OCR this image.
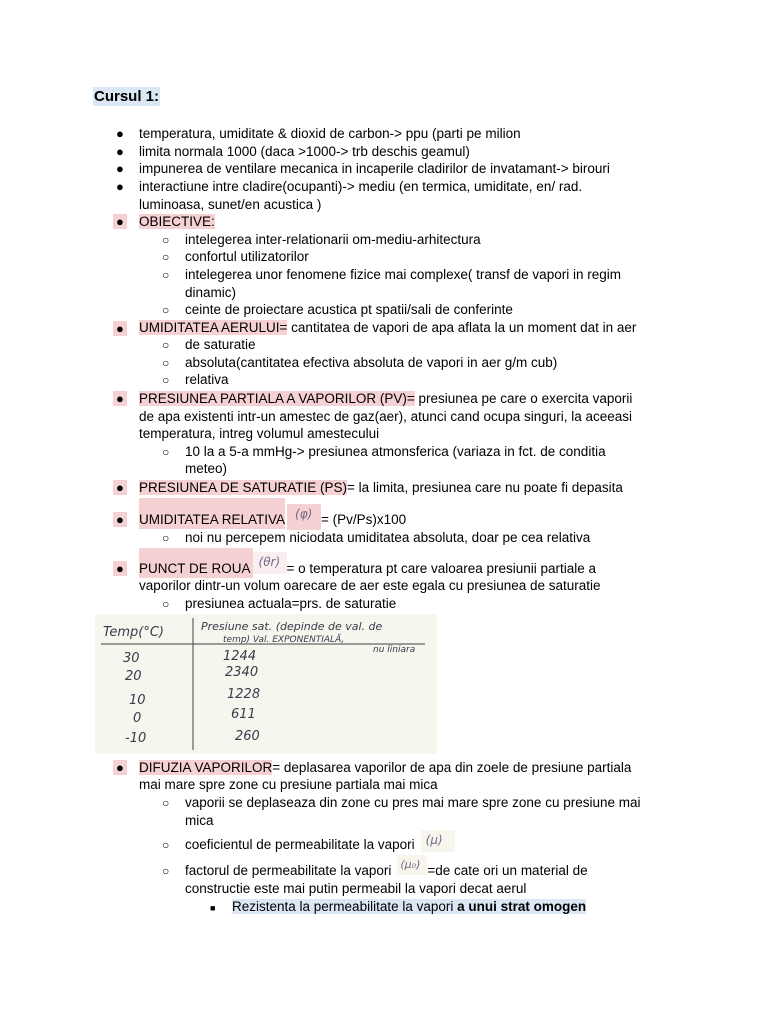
Cursul 1:
● temperatura, umiditate & dioxid de carbon-> ppu (parti pe milion
● limita normala 1000 (daca >1000-> trb deschis geamul)
● impunerea de ventilare mecanica in incaperile cladirilor de invatamant-> birouri
● interactiune intre cladire(ocupanti)-> mediu (en termica, umiditate, en/ rad.
luminoasa, sunet/en acustica )
● OBIECTIVE:
○ intelegerea inter-relationarii om-mediu-arhitectura
○ confortul utilizatorilor
○ intelegerea unor fenomene fizice mai complexe( transf de vapori in regim
dinamic)
○ ceinte de proiectare acustica pt spatii/sali de conferinte
● UMIDITATEA AERULUI= cantitatea de vapori de apa aflata la un moment dat in aer
○ de saturatie
○ absoluta(cantitatea efectiva absoluta de vapori in aer g/m cub)
○ relativa
● PRESIUNEA PARTIALA A VAPORILOR (PV)= presiunea pe care o exercita vaporii
de apa existenti intr-un amestec de gaz(aer), atunci cand ocupa singuri, la aceeasi
temperatura, intreg volumul amestecului
○ 10 la a 5-a mmHg-> presiunea atmonsferica (variaza in fct. de conditia
meteo)
● PRESIUNEA DE SATURATIE (PS)= la limita, presiunea care nu poate fi depasita
● UMIDITATEA RELATIVA (φ) = (Pv/Ps)x100
○ noi nu percepem niciodata umiditatea absoluta, doar pe cea relativa
● PUNCT DE ROUA (θr) = o temperatura pt care valoarea presiunii partiale a
vaporilor dintr-un volum oarecare de aer este egala cu presiunea de saturatie
○ presiunea actuala=prs. de saturatie
Temp(°C)	Presiune sat. (depinde de val. de
temp) Val. EXPONENTIALĂ,
nu liniara
30	1244
20	2340
10	1228
0	611
-10	260
● DIFUZIA VAPORILOR= deplasarea vaporilor de apa din zoele de presiune partiala
mai mare spre zone cu presiune partiala mai mica
○ vaporii se deplaseaza din zone cu pres mai mare spre zone cu presiune mai
mica
○ coeficientul de permeabilitate la vapori (μ)
○ factorul de permeabilitate la vapori (μ₀) =de cate ori un material de
constructie este mai putin permeabil la vapori decat aerul
■ Rezistenta la permeabilitate la vapori a unui strat omogen
